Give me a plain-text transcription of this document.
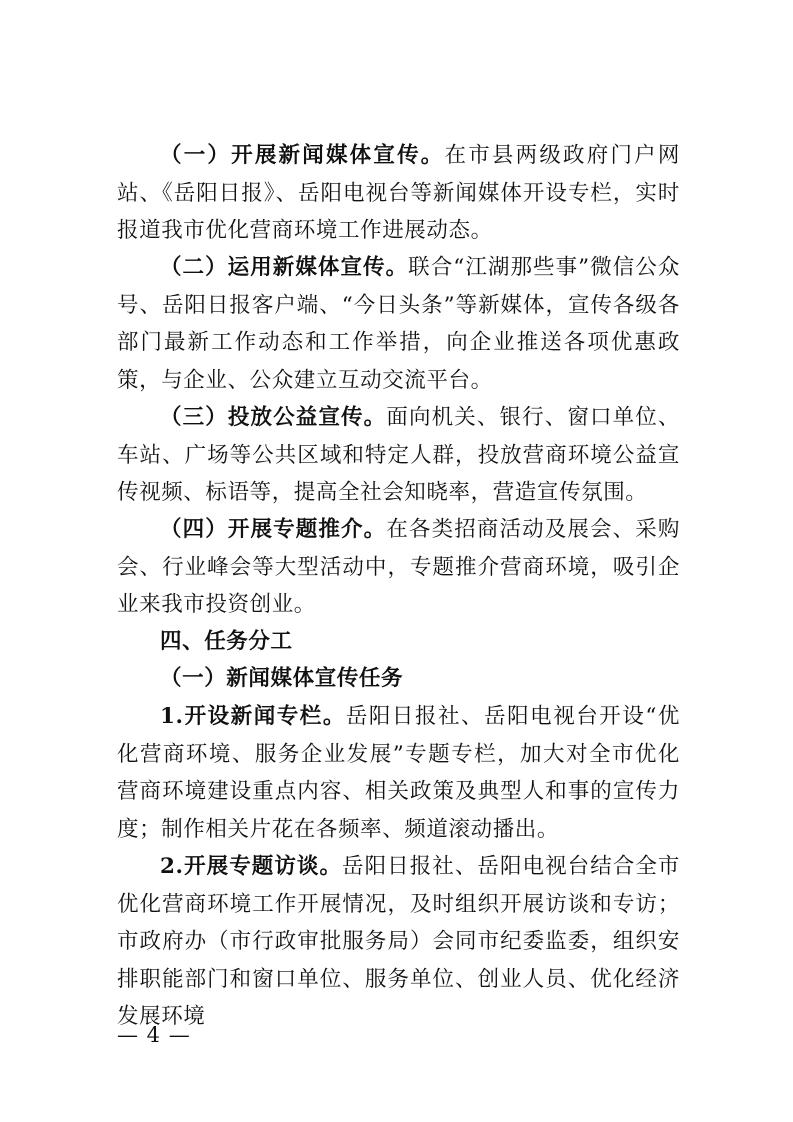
（一）开展新闻媒体宣传。在市县两级政府门户网站、《岳阳日报》、岳阳电视台等新闻媒体开设专栏，实时报道我市优化营商环境工作进展动态。

（二）运用新媒体宣传。联合“江湖那些事”微信公众号、岳阳日报客户端、“今日头条”等新媒体，宣传各级各部门最新工作动态和工作举措，向企业推送各项优惠政策，与企业、公众建立互动交流平台。

（三）投放公益宣传。面向机关、银行、窗口单位、车站、广场等公共区域和特定人群，投放营商环境公益宣传视频、标语等，提高全社会知晓率，营造宣传氛围。

（四）开展专题推介。在各类招商活动及展会、采购会、行业峰会等大型活动中，专题推介营商环境，吸引企业来我市投资创业。

四、任务分工
（一）新闻媒体宣传任务

1.开设新闻专栏。岳阳日报社、岳阳电视台开设“优化营商环境、服务企业发展”专题专栏，加大对全市优化营商环境建设重点内容、相关政策及典型人和事的宣传力度；制作相关片花在各频率、频道滚动播出。

2.开展专题访谈。岳阳日报社、岳阳电视台结合全市优化营商环境工作开展情况，及时组织开展访谈和专访；市政府办（市行政审批服务局）会同市纪委监委，组织安排职能部门和窗口单位、服务单位、创业人员、优化经济发展环境

— 4 —
